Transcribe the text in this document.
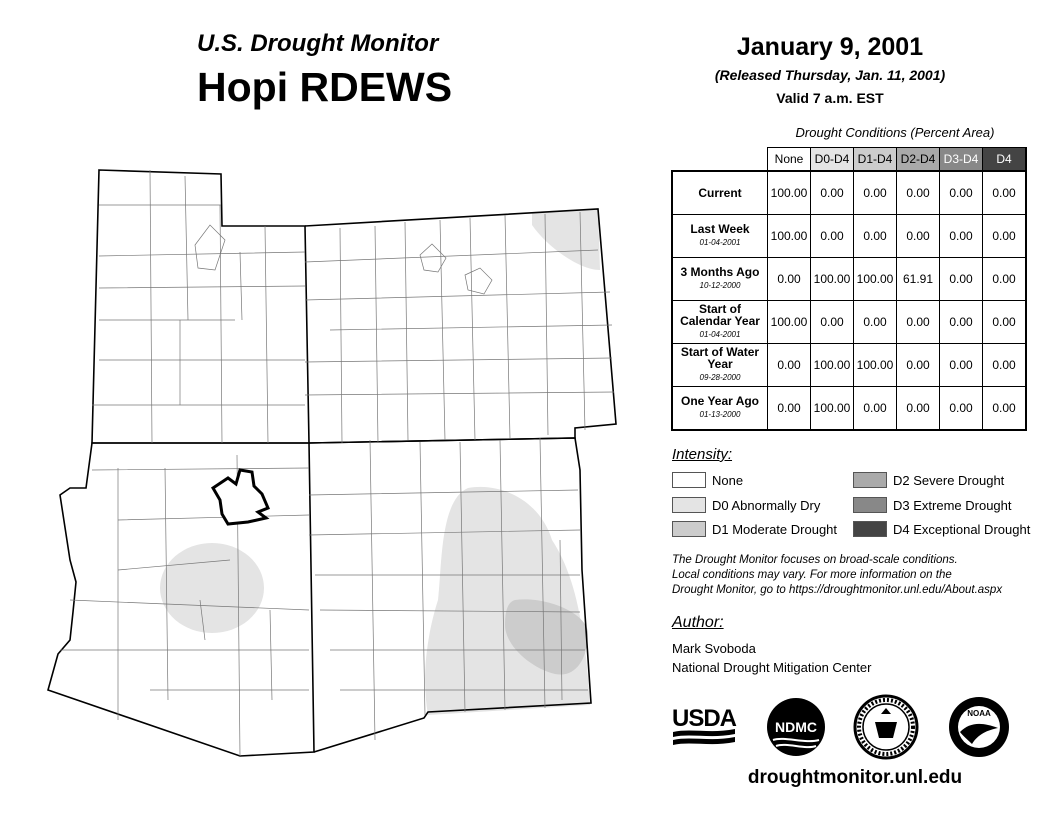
U.S. Drought Monitor
Hopi RDEWS
January 9, 2001
(Released Thursday, Jan. 11, 2001)
Valid 7 a.m. EST
Drought Conditions (Percent Area)
	None	D0-D4	D1-D4	D2-D4	D3-D4	D4
Current	100.00	0.00	0.00	0.00	0.00	0.00
Last Week
01-04-2001	100.00	0.00	0.00	0.00	0.00	0.00
3 Months Ago
10-12-2000	0.00	100.00	100.00	61.91	0.00	0.00
Start of Calendar Year
01-04-2001	100.00	0.00	0.00	0.00	0.00	0.00
Start of Water Year
09-28-2000	0.00	100.00	100.00	0.00	0.00	0.00
One Year Ago
01-13-2000	0.00	100.00	0.00	0.00	0.00	0.00
Intensity:
None
D0 Abnormally Dry
D1 Moderate Drought
D2 Severe Drought
D3 Extreme Drought
D4 Exceptional Drought
The Drought Monitor focuses on broad-scale conditions.
Local conditions may vary. For more information on the
Drought Monitor, go to https://droughtmonitor.unl.edu/About.aspx
Author:
Mark Svoboda
National Drought Mitigation Center
USDA	NDMC
NOAA
droughtmonitor.unl.edu
